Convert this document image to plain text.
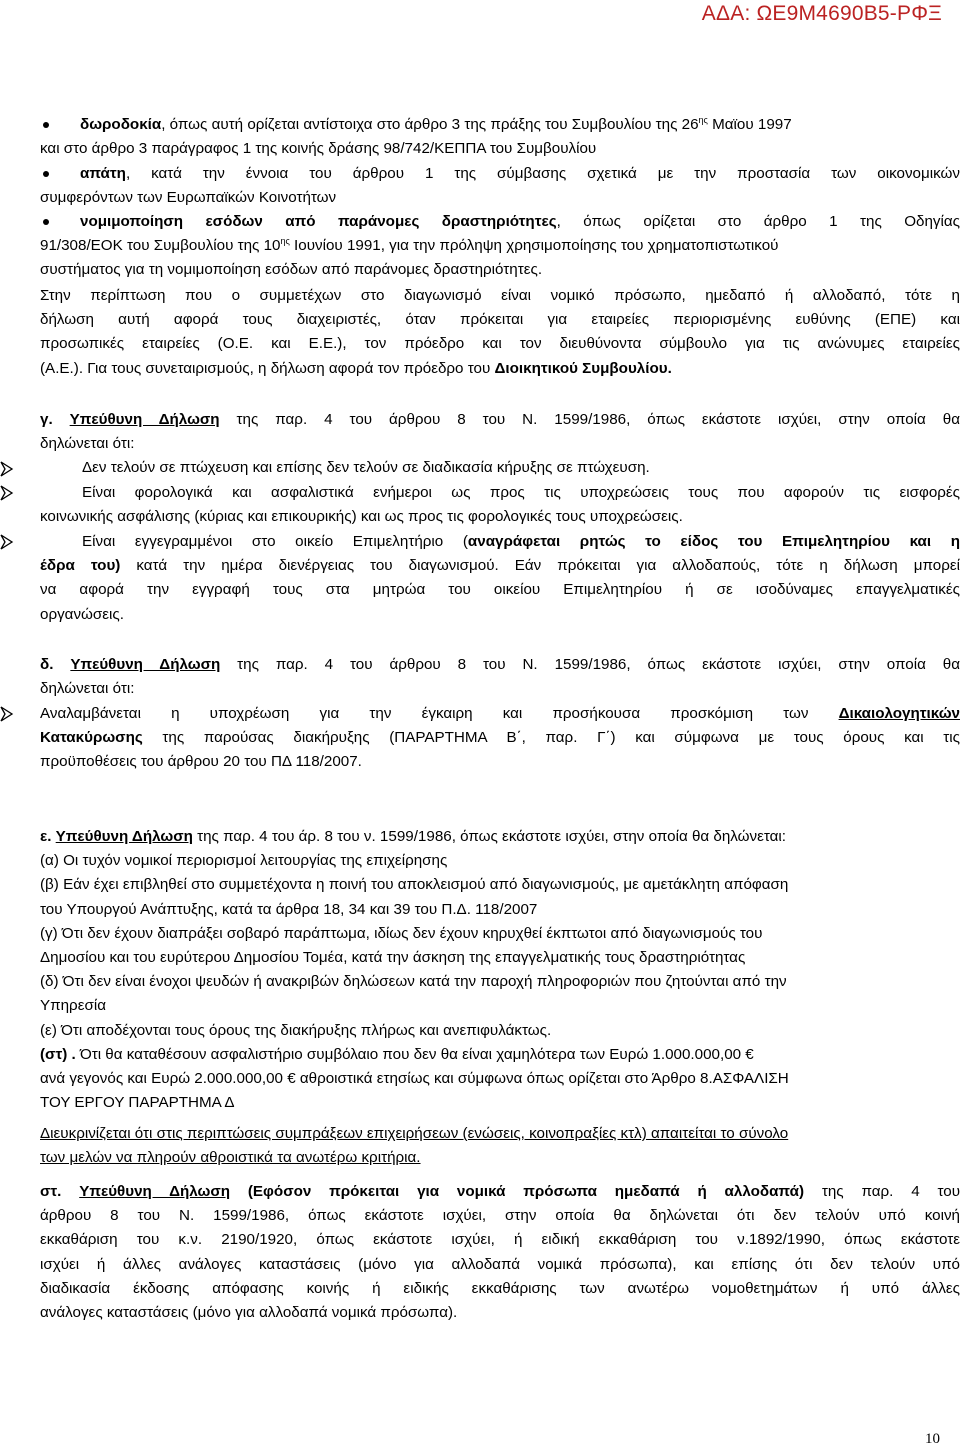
ΑΔΑ: ΩΕ9Μ4690Β5-ΡΦΞ
δωροδοκία, όπως αυτή ορίζεται αντίστοιχα στο άρθρο 3 της πράξης του Συμβουλίου της $26^{\eta\varsigma}$ Μαϊου 1997
και στο άρθρο 3 παράγραφος 1 της κοινής δράσης 98/742/ΚΕΠΠΑ του Συμβουλίου
απάτη, κατά την έννοια του άρθρου 1 της σύμβασης σχετικά με την προστασία των οικονομικών
συμφερόντων των Ευρωπαϊκών Κοινοτήτων
νομιμοποίηση εσόδων από παράνομες δραστηριότητες, όπως ορίζεται στο άρθρο 1 της Οδηγίας
91/308/ΕΟΚ του Συμβουλίου της $10^{\eta\varsigma}$ Ιουνίου 1991, για την πρόληψη χρησιμοποίησης του χρηματοπιστωτικού
συστήματος για τη νομιμοποίηση εσόδων από παράνομες δραστηριότητες.
Στην περίπτωση που ο συμμετέχων στο διαγωνισμό είναι νομικό πρόσωπο, ημεδαπό ή αλλοδαπό, τότε η
δήλωση αυτή αφορά τους διαχειριστές, όταν πρόκειται για εταιρείες περιορισμένης ευθύνης (ΕΠΕ) και
προσωπικές εταιρείες (Ο.Ε. και Ε.Ε.), τον πρόεδρο και τον διευθύνοντα σύμβουλο για τις ανώνυμες εταιρείες
(Α.Ε.). Για τους συνεταιρισμούς, η δήλωση αφορά τον πρόεδρο του Διοικητικού Συμβουλίου.
γ. Υπεύθυνη Δήλωση της παρ. 4 του άρθρου 8 του Ν. 1599/1986, όπως εκάστοτε ισχύει, στην οποία θα
δηλώνεται ότι:
Δεν τελούν σε πτώχευση και επίσης δεν τελούν σε διαδικασία κήρυξης σε πτώχευση.
Είναι φορολογικά και ασφαλιστικά ενήμεροι ως προς τις υποχρεώσεις τους που αφορούν τις εισφορές
κοινωνικής ασφάλισης (κύριας και επικουρικής) και ως προς τις φορολογικές τους υποχρεώσεις.
Είναι εγγεγραμμένοι στο οικείο Επιμελητήριο (αναγράφεται ρητώς το είδος του Επιμελητηρίου και η
έδρα του) κατά την ημέρα διενέργειας του διαγωνισμού. Εάν πρόκειται για αλλοδαπούς, τότε η δήλωση μπορεί
να αφορά την εγγραφή τους στα μητρώα του οικείου Επιμελητηρίου ή σε ισοδύναμες επαγγελματικές
οργανώσεις.
δ. Υπεύθυνη Δήλωση της παρ. 4 του άρθρου 8 του Ν. 1599/1986, όπως εκάστοτε ισχύει, στην οποία θα
δηλώνεται ότι:
Αναλαμβάνεται η υποχρέωση για την έγκαιρη και προσήκουσα προσκόμιση των Δικαιολογητικών
Κατακύρωσης της παρούσας διακήρυξης (ΠΑΡΑΡΤΗΜΑ Β΄, παρ. Γ΄) και σύμφωνα με τους όρους και τις
προϋποθέσεις του άρθρου 20 του ΠΔ 118/2007.
ε. Υπεύθυνη Δήλωση της παρ. 4 του άρ. 8 του ν. 1599/1986, όπως εκάστοτε ισχύει, στην οποία θα δηλώνεται:
(α) Οι τυχόν νομικοί περιορισμοί λειτουργίας της επιχείρησης
(β) Εάν έχει επιβληθεί στο συμμετέχοντα η ποινή του αποκλεισμού από διαγωνισμούς, με αμετάκλητη απόφαση
του Υπουργού Ανάπτυξης, κατά τα άρθρα 18, 34 και 39 του Π.Δ. 118/2007
(γ) Ότι δεν έχουν διαπράξει σοβαρό παράπτωμα, ιδίως δεν έχουν κηρυχθεί έκπτωτοι από διαγωνισμούς του
Δημοσίου και του ευρύτερου Δημοσίου Τομέα, κατά την άσκηση της επαγγελματικής τους δραστηριότητας
(δ) Ότι δεν είναι ένοχοι ψευδών ή ανακριβών δηλώσεων κατά την παροχή πληροφοριών που ζητούνται από την
Υπηρεσία
(ε) Ότι αποδέχονται τους όρους της διακήρυξης πλήρως και ανεπιφυλάκτως.
(στ) . Ότι θα καταθέσουν ασφαλιστήριο συμβόλαιο που δεν θα είναι χαμηλότερα των Ευρώ 1.000.000,00 €
ανά γεγονός και Ευρώ 2.000.000,00 € αθροιστικά ετησίως και σύμφωνα όπως ορίζεται στο Άρθρο 8.ΑΣΦΑΛΙΣΗ
ΤΟΥ ΕΡΓΟΥ ΠΑΡΑΡΤΗΜΑ Δ
Διευκρινίζεται ότι στις περιπτώσεις συμπράξεων επιχειρήσεων (ενώσεις, κοινοπραξίες κτλ) απαιτείται το σύνολο
των μελών να πληρούν αθροιστικά τα ανωτέρω κριτήρια.
στ. Υπεύθυνη Δήλωση (Εφόσον πρόκειται για νομικά πρόσωπα ημεδαπά ή αλλοδαπά) της παρ. 4 του
άρθρου 8 του Ν. 1599/1986, όπως εκάστοτε ισχύει, στην οποία θα δηλώνεται ότι δεν τελούν υπό κοινή
εκκαθάριση του κ.ν. 2190/1920, όπως εκάστοτε ισχύει, ή ειδική εκκαθάριση του ν.1892/1990, όπως εκάστοτε
ισχύει ή άλλες ανάλογες καταστάσεις (μόνο για αλλοδαπά νομικά πρόσωπα), και επίσης ότι δεν τελούν υπό
διαδικασία έκδοσης απόφασης κοινής ή ειδικής εκκαθάρισης των ανωτέρω νομοθετημάτων ή υπό άλλες
ανάλογες καταστάσεις (μόνο για αλλοδαπά νομικά πρόσωπα).
10
